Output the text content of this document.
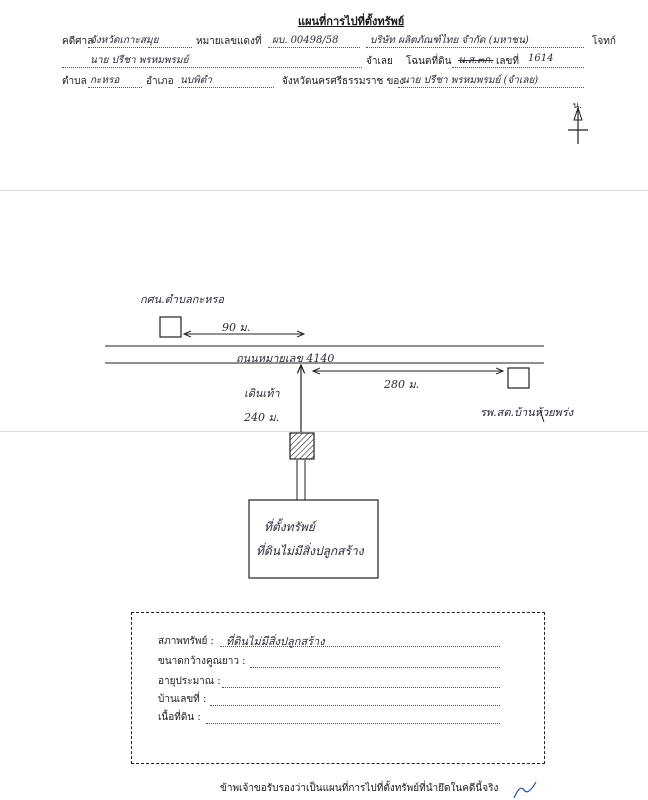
แผนที่การไปที่ตั้งทรัพย์
คดีศาล
จังหวัดเกาะสมุย	หมายเลขแดงที่ ผบ. 00498/58	บริษัท ผลิตภัณฑ์ไทย จำกัด (มหาชน)	โจทก์
นาย ปรีชา พรหมพรมย์	จำเลย โฉนดที่ดิน น.ส.๓ก. เลขที่ 1614
ตำบล กะหรอ	อำเภอ นบพิตำ	จังหวัดนครศรีธรรมราช ของ
นาย ปรีชา พรหมพรมย์ (จำเลย)
น.
กศน.ตำบลกะหรอ
90 ม.
ถนนหมายเลข 4140
280 ม.
รพ.สต.บ้านห้วยพร่ง
เดินเท้า
240 ม.
ที่ตั้งทรัพย์
ที่ดินไม่มีสิ่งปลูกสร้าง
สภาพทรัพย์ : ที่ดินไม่มีสิ่งปลูกสร้าง
ขนาดกว้างคูณยาว :
อายุประมาณ :
บ้านเลขที่ :
เนื้อที่ดิน :
ข้าพเจ้าขอรับรองว่าเป็นแผนที่การไปที่ตั้งทรัพย์ที่นำยึดในคดีนี้จริง
